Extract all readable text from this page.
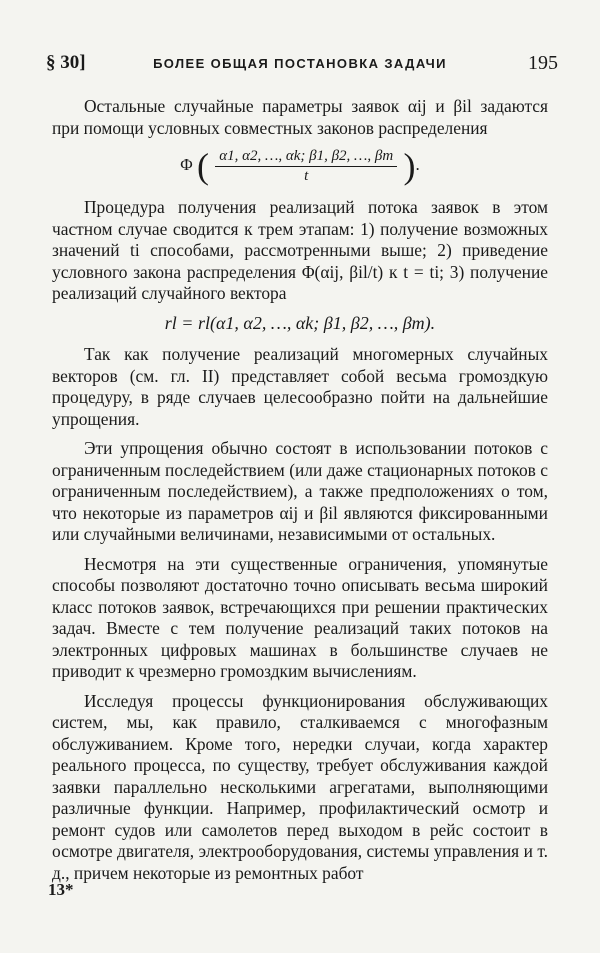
§ 30]	БОЛЕЕ ОБЩАЯ ПОСТАНОВКА ЗАДАЧИ	195

Остальные случайные параметры заявок αij и βil задаются при помощи условных совместных законов распределения

Φ ( $\frac{\alpha 1, \alpha 2, \dots, \alpha k; \beta 1, \beta 2, \dots, \beta m}{t}$ ).

Процедура получения реализаций потока заявок в этом частном случае сводится к трем этапам: 1) получение возможных значений ti способами, рассмотренными выше; 2) приведение условного закона распределения Φ(αij, βil/t) к t = ti; 3) получение реализаций случайного вектора

rl = rl(α1, α2, …, αk; β1, β2, …, βm).

Так как получение реализаций многомерных случайных векторов (см. гл. II) представляет собой весьма громоздкую процедуру, в ряде случаев целесообразно пойти на дальнейшие упрощения.

Эти упрощения обычно состоят в использовании потоков с ограниченным последействием (или даже стационарных потоков с ограниченным последействием), а также предположениях о том, что некоторые из параметров αij и βil являются фиксированными или случайными величинами, независимыми от остальных.

Несмотря на эти существенные ограничения, упомянутые способы позволяют достаточно точно описывать весьма широкий класс потоков заявок, встречающихся при решении практических задач. Вместе с тем получение реализаций таких потоков на электронных цифровых машинах в большинстве случаев не приводит к чрезмерно громоздким вычислениям.

Исследуя процессы функционирования обслуживающих систем, мы, как правило, сталкиваемся с многофазным обслуживанием. Кроме того, нередки случаи, когда характер реального процесса, по существу, требует обслуживания каждой заявки параллельно несколькими агрегатами, выполняющими различные функции. Например, профилактический осмотр и ремонт судов или самолетов перед выходом в рейс состоит в осмотре двигателя, электрооборудования, системы управления и т. д., причем некоторые из ремонтных работ

13*
